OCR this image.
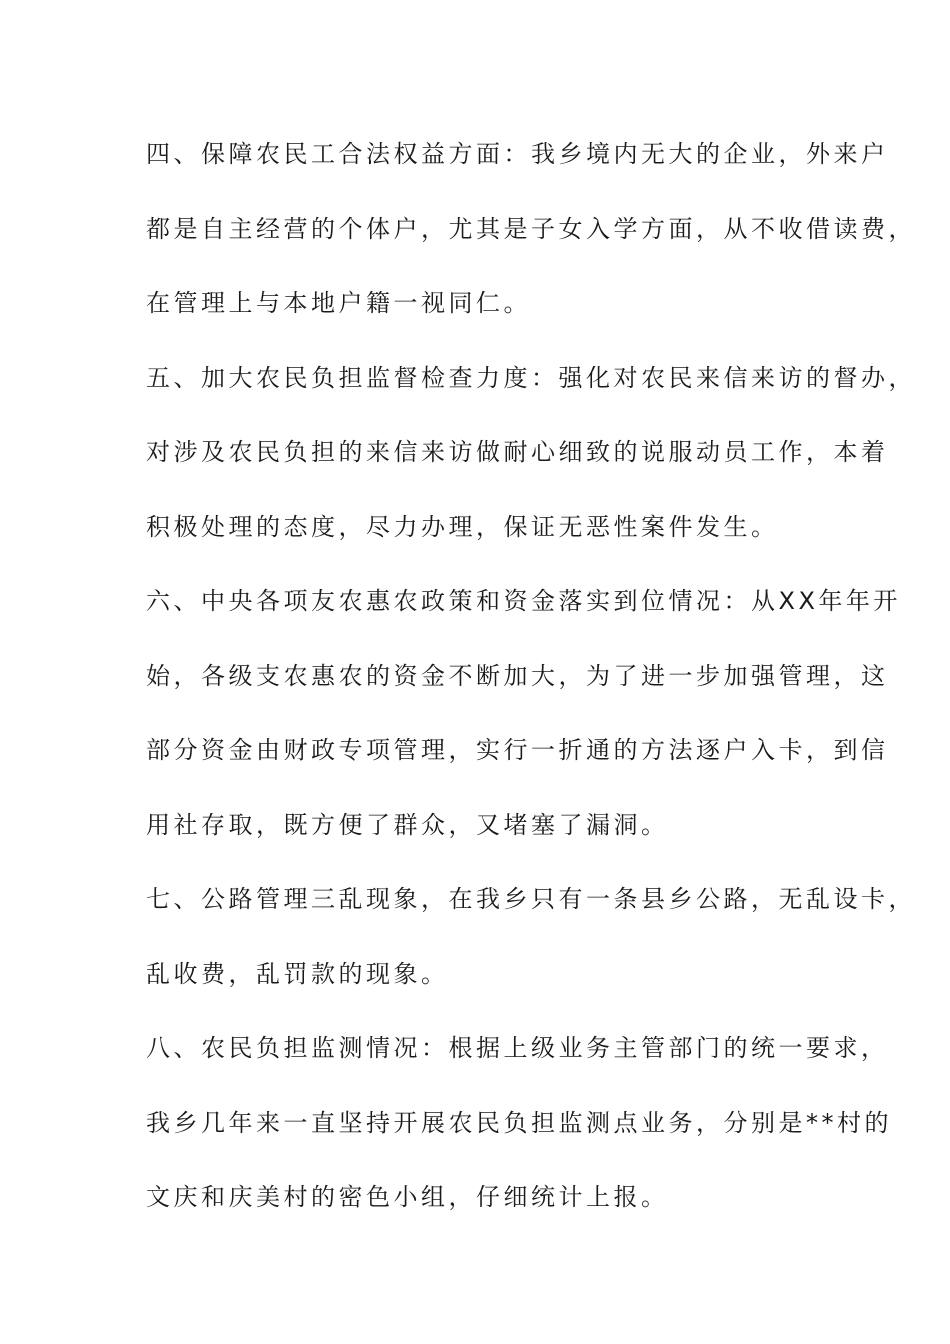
四、保障农民工合法权益方面：我乡境内无大的企业，外来户
都是自主经营的个体户，尤其是子女入学方面，从不收借读费，
在管理上与本地户籍一视同仁。
五、加大农民负担监督检查力度：强化对农民来信来访的督办，
对涉及农民负担的来信来访做耐心细致的说服动员工作，本着
积极处理的态度，尽力办理，保证无恶性案件发生。
六、中央各项友农惠农政策和资金落实到位情况：从XX年年开
始，各级支农惠农的资金不断加大，为了进一步加强管理，这
部分资金由财政专项管理，实行一折通的方法逐户入卡，到信
用社存取，既方便了群众，又堵塞了漏洞。
七、公路管理三乱现象，在我乡只有一条县乡公路，无乱设卡，
乱收费，乱罚款的现象。
八、农民负担监测情况：根据上级业务主管部门的统一要求，
我乡几年来一直坚持开展农民负担监测点业务，分别是**村的
文庆和庆美村的密色小组，仔细统计上报。
